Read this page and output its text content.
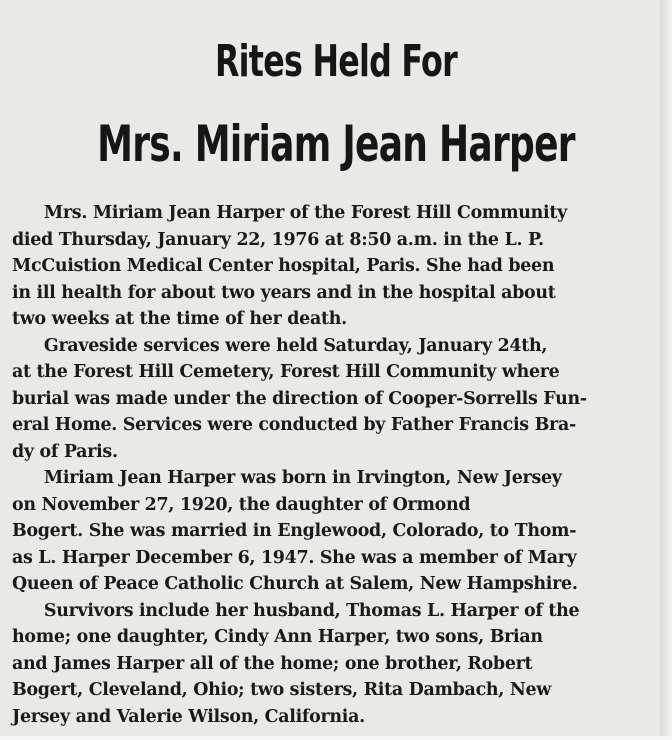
Rites Held For
Mrs. Miriam Jean Harper

Mrs. Miriam Jean Harper of the Forest Hill Community
died Thursday, January 22, 1976 at 8:50 a.m. in the L. P.
McCuistion Medical Center hospital, Paris. She had been
in ill health for about two years and in the hospital about
two weeks at the time of her death.

Graveside services were held Saturday, January 24th,
at the Forest Hill Cemetery, Forest Hill Community where
burial was made under the direction of Cooper-Sorrells Fun-
eral Home. Services were conducted by Father Francis Bra-
dy of Paris.

Miriam Jean Harper was born in Irvington, New Jersey
on November 27, 1920, the daughter of Ormond
Bogert. She was married in Englewood, Colorado, to Thom-
as L. Harper December 6, 1947. She was a member of Mary
Queen of Peace Catholic Church at Salem, New Hampshire.

Survivors include her husband, Thomas L. Harper of the
home; one daughter, Cindy Ann Harper, two sons, Brian
and James Harper all of the home; one brother, Robert
Bogert, Cleveland, Ohio; two sisters, Rita Dambach, New
Jersey and Valerie Wilson, California.
